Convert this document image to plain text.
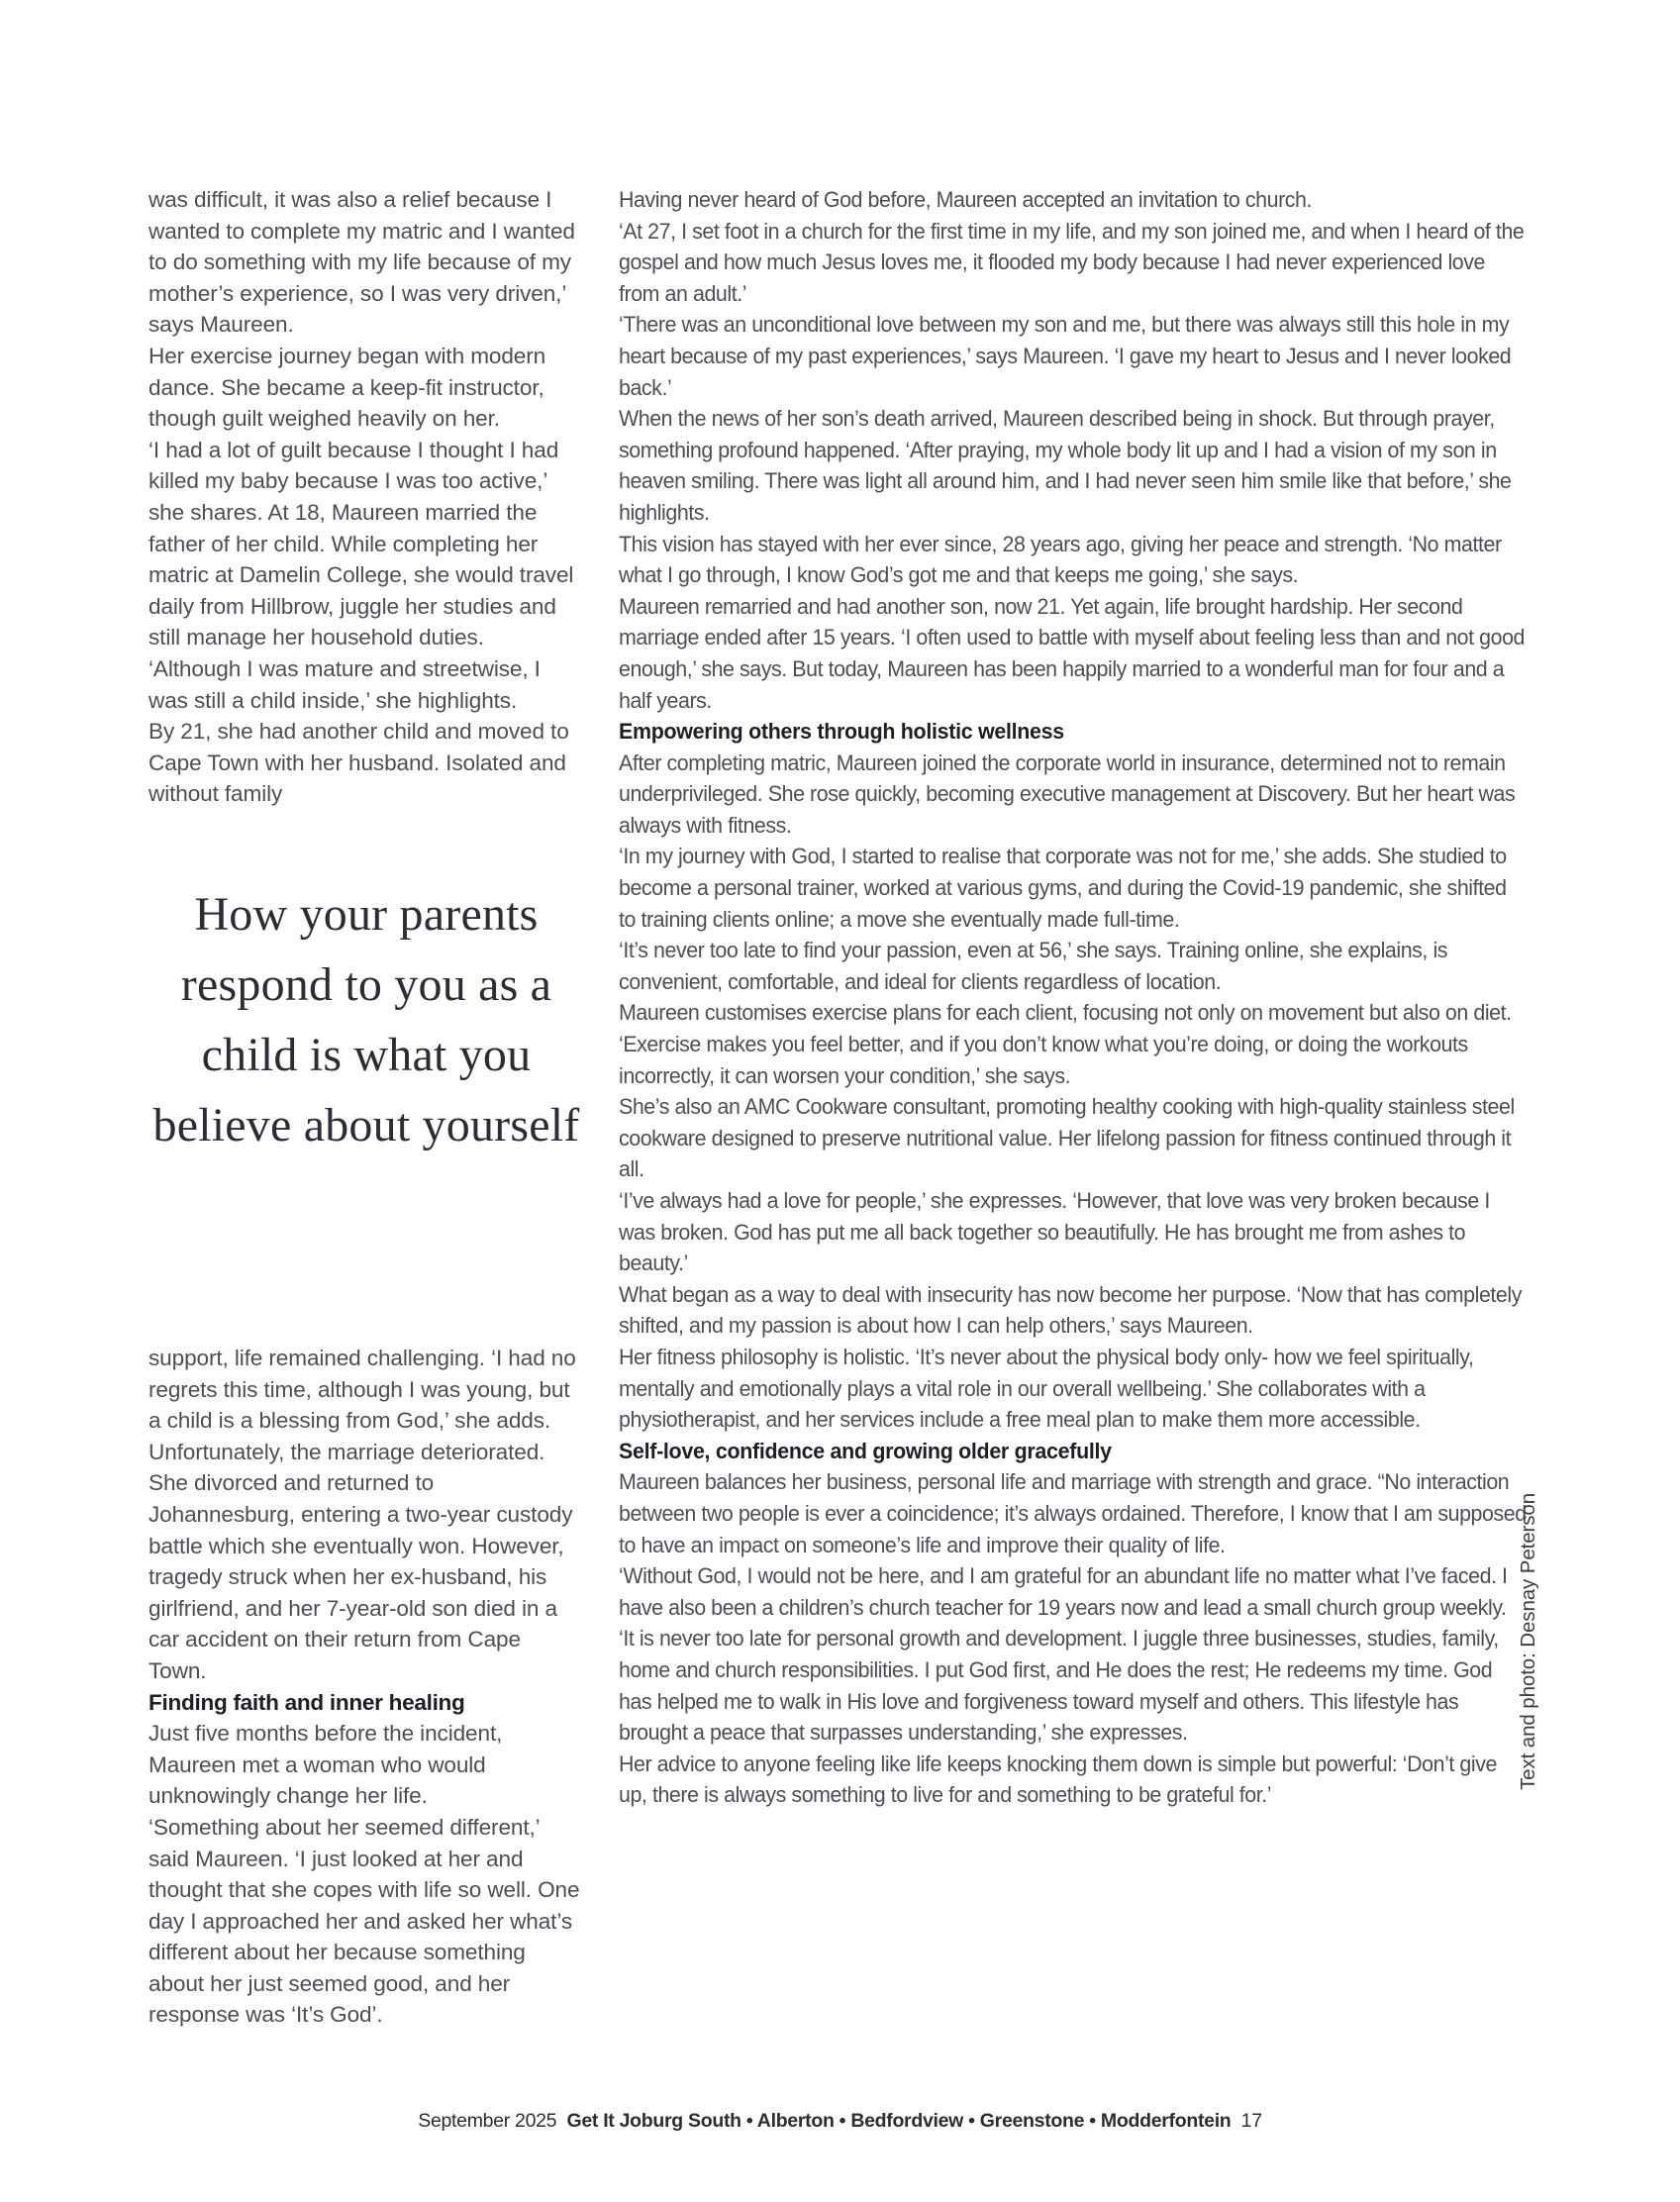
was difficult, it was also a relief because I wanted to complete my matric and I wanted to do something with my life because of my mother’s experience, so I was very driven,’ says Maureen.

Her exercise journey began with modern dance. She became a keep-fit instructor, though guilt weighed heavily on her.

‘I had a lot of guilt because I thought I had killed my baby because I was too active,’ she shares. At 18, Maureen married the father of her child. While completing her matric at Damelin College, she would travel daily from Hillbrow, juggle her studies and still manage her household duties. ‘Although I was mature and streetwise, I was still a child inside,’ she highlights.

By 21, she had another child and moved to Cape Town with her husband. Isolated and without family

How your parents respond to you as a child is what you believe about yourself

support, life remained challenging. ‘I had no regrets this time, although I was young, but a child is a blessing from God,’ she adds.

Unfortunately, the marriage deteriorated. She divorced and returned to Johannesburg, entering a two-year custody battle which she eventually won. However, tragedy struck when her ex-husband, his girlfriend, and her 7-year-old son died in a car accident on their return from Cape Town.

Finding faith and inner healing

Just five months before the incident, Maureen met a woman who would unknowingly change her life.

‘Something about her seemed different,’ said Maureen. ‘I just looked at her and thought that she copes with life so well. One day I approached her and asked her what’s different about her because something about her just seemed good, and her response was ‘It’s God’.

Having never heard of God before, Maureen accepted an invitation to church.

‘At 27, I set foot in a church for the first time in my life, and my son joined me, and when I heard of the gospel and how much Jesus loves me, it flooded my body because I had never experienced love from an adult.’

‘There was an unconditional love between my son and me, but there was always still this hole in my heart because of my past experiences,’ says Maureen. ‘I gave my heart to Jesus and I never looked back.’

When the news of her son’s death arrived, Maureen described being in shock. But through prayer, something profound happened. ‘After praying, my whole body lit up and I had a vision of my son in heaven smiling. There was light all around him, and I had never seen him smile like that before,’ she highlights.

This vision has stayed with her ever since, 28 years ago, giving her peace and strength. ‘No matter what I go through, I know God’s got me and that keeps me going,’ she says.

Maureen remarried and had another son, now 21. Yet again, life brought hardship. Her second marriage ended after 15 years. ‘I often used to battle with myself about feeling less than and not good enough,’ she says. But today, Maureen has been happily married to a wonderful man for four and a half years.

Empowering others through holistic wellness

After completing matric, Maureen joined the corporate world in insurance, determined not to remain underprivileged. She rose quickly, becoming executive management at Discovery. But her heart was always with fitness.

‘In my journey with God, I started to realise that corporate was not for me,’ she adds. She studied to become a personal trainer, worked at various gyms, and during the Covid-19 pandemic, she shifted to training clients online; a move she eventually made full-time.

‘It’s never too late to find your passion, even at 56,’ she says. Training online, she explains, is convenient, comfortable, and ideal for clients regardless of location.

Maureen customises exercise plans for each client, focusing not only on movement but also on diet. ‘Exercise makes you feel better, and if you don’t know what you’re doing, or doing the workouts incorrectly, it can worsen your condition,’ she says.

She’s also an AMC Cookware consultant, promoting healthy cooking with high-quality stainless steel cookware designed to preserve nutritional value. Her lifelong passion for fitness continued through it all.

‘I’ve always had a love for people,’ she expresses. ‘However, that love was very broken because I was broken. God has put me all back together so beautifully. He has brought me from ashes to beauty.’

What began as a way to deal with insecurity has now become her purpose. ‘Now that has completely shifted, and my passion is about how I can help others,’ says Maureen.

Her fitness philosophy is holistic. ‘It’s never about the physical body only- how we feel spiritually, mentally and emotionally plays a vital role in our overall wellbeing.’ She collaborates with a physiotherapist, and her services include a free meal plan to make them more accessible.

Self-love, confidence and growing older gracefully

Maureen balances her business, personal life and marriage with strength and grace. “No interaction between two people is ever a coincidence; it’s always ordained. Therefore, I know that I am supposed to have an impact on someone’s life and improve their quality of life.

‘Without God, I would not be here, and I am grateful for an abundant life no matter what I’ve faced. I have also been a children’s church teacher for 19 years now and lead a small church group weekly.

‘It is never too late for personal growth and development. I juggle three businesses, studies, family, home and church responsibilities. I put God first, and He does the rest; He redeems my time. God has helped me to walk in His love and forgiveness toward myself and others. This lifestyle has brought a peace that surpasses understanding,’ she expresses.

Her advice to anyone feeling like life keeps knocking them down is simple but powerful: ‘Don’t give up, there is always something to live for and something to be grateful for.’

Text and photo: Desnay Peterson
September 2025 Get It Joburg South • Alberton • Bedfordview • Greenstone • Modderfontein 17
